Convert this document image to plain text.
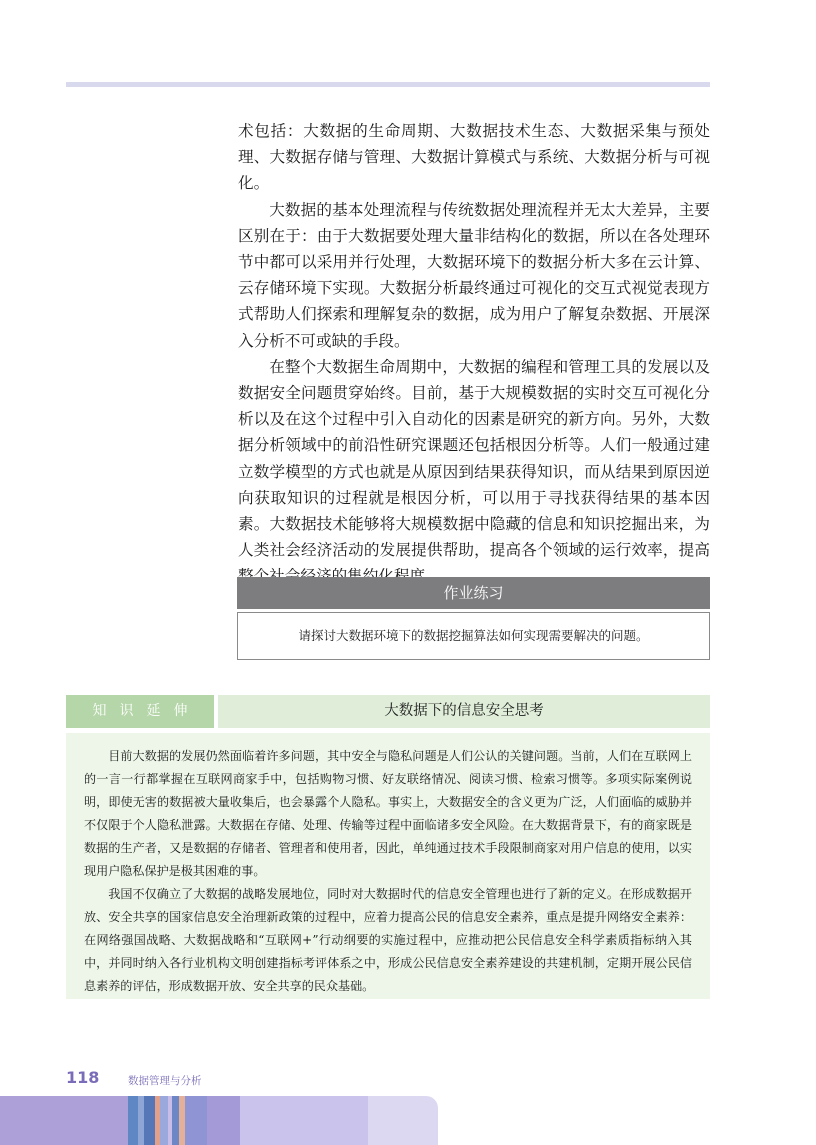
术包括：大数据的生命周期、大数据技术生态、大数据采集与预处理、大数据存储与管理、大数据计算模式与系统、大数据分析与可视化。

大数据的基本处理流程与传统数据处理流程并无太大差异，主要区别在于：由于大数据要处理大量非结构化的数据，所以在各处理环节中都可以采用并行处理，大数据环境下的数据分析大多在云计算、云存储环境下实现。大数据分析最终通过可视化的交互式视觉表现方式帮助人们探索和理解复杂的数据，成为用户了解复杂数据、开展深入分析不可或缺的手段。

在整个大数据生命周期中，大数据的编程和管理工具的发展以及数据安全问题贯穿始终。目前，基于大规模数据的实时交互可视化分析以及在这个过程中引入自动化的因素是研究的新方向。另外，大数据分析领域中的前沿性研究课题还包括根因分析等。人们一般通过建立数学模型的方式也就是从原因到结果获得知识，而从结果到原因逆向获取知识的过程就是根因分析，可以用于寻找获得结果的基本因素。大数据技术能够将大规模数据中隐藏的信息和知识挖掘出来，为人类社会经济活动的发展提供帮助，提高各个领域的运行效率，提高

作业练习
请探讨大数据环境下的数据挖掘算法如何实现需要解决的问题。
知识延伸	大数据下的信息安全思考

目前大数据的发展仍然面临着许多问题，其中安全与隐私问题是人们公认的关键问题。当前，人们在互联网上的一言一行都掌握在互联网商家手中，包括购物习惯、好友联络情况、阅读习惯、检索习惯等。多项实际案例说明，即使无害的数据被大量收集后，也会暴露个人隐私。事实上，大数据安全的含义更为广泛，人们面临的威胁并不仅限于个人隐私泄露。大数据在存储、处理、传输等过程中面临诸多安全风险。在大数据背景下，有的商家既是数据的生产者，又是数据的存储者、管理者和使用者，因此，单纯通过技术手段限制商家对用户信息的使用，以实现用户隐私保护是极其困难的事。

我国不仅确立了大数据的战略发展地位，同时对大数据时代的信息安全管理也进行了新的定义。在形成数据开放、安全共享的国家信息安全治理新政策的过程中，应着力提高公民的信息安全素养，重点是提升网络安全素养：在网络强国战略、大数据战略和“互联网+”行动纲要的实施过程中，应推动把公民信息安全科学素质指标纳入其中，并同时纳入各行业机构文明创建指标考评体系之中，形成公民信息安全素养建设的共建机制，定期开展公民信息素养的评估，形成数据开放、安全共享的民众基础。

118	数据管理与分析
